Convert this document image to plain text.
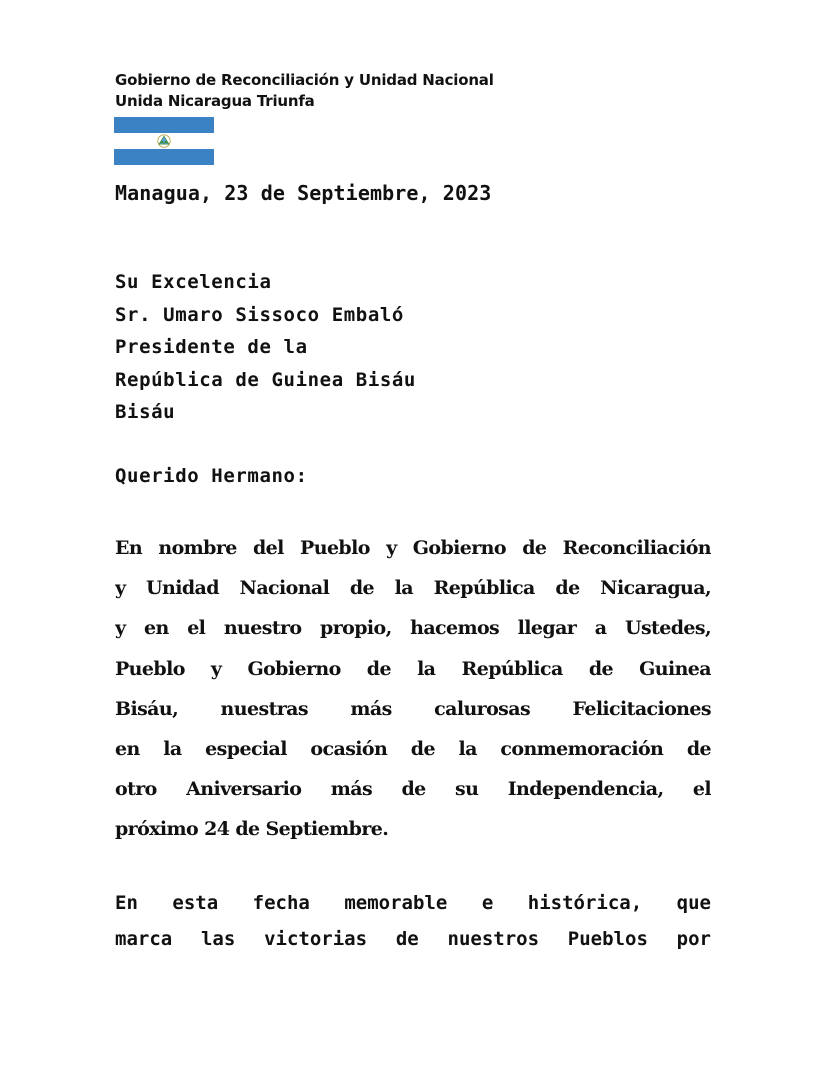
Gobierno de Reconciliación y Unidad Nacional
Unida Nicaragua Triunfa
Managua, 23 de Septiembre, 2023
Su Excelencia
Sr. Umaro Sissoco Embaló
Presidente de la
República de Guinea Bisáu
Bisáu
Querido Hermano:
En nombre del Pueblo y Gobierno de Reconciliación
y Unidad Nacional de la República de Nicaragua,
y en el nuestro propio, hacemos llegar a Ustedes,
Pueblo y Gobierno de la República de Guinea
Bisáu, nuestras más calurosas Felicitaciones
en la especial ocasión de la conmemoración de
otro Aniversario más de su Independencia, el
próximo 24 de Septiembre.
En esta fecha memorable e histórica, que
marca las victorias de nuestros Pueblos por
